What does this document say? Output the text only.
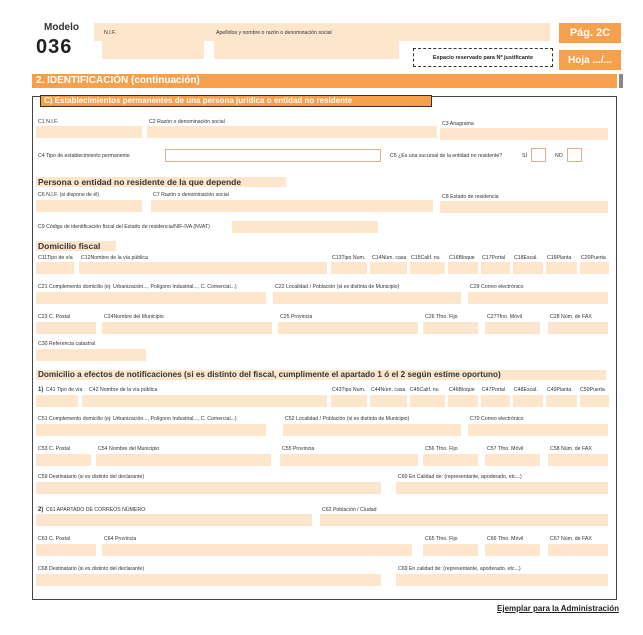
Modelo
036
N.I.F.	Apellidos y nombre o razón o denominación social
Espacio reservado para Nº justificante
Pág. 2C
Hoja .../...
2. IDENTIFICACIÓN (continuación)
C) Establecimientos permanentes de una persona jurídica o entidad no residente
C1 N.I.F.	C2 Razón o denominación social	C3 Anagrama
C4 Tipo de establecimiento permanente	C5 ¿Es una sucursal de la entidad no residente?	SÍ	NO
Persona o entidad no residente de la que depende
C6 N.I.F. (si dispone de él)	C7 Razón o denominación social	C8 Estado de residencia
C9 Código de identificación fiscal del Estado de residencia/NIF-IVA (NVAT)
Domicilio fiscal
C11Tipo de vía C12Nombre de la vía pública	C13Tipo Num. C14Núm. casa C15Calif. nu C16Bloque C17Portal C18Escal. C19Planta C20Puerta
C21 Complemento domicilio (ej: Urbanización..., Polígono Industrial..., C. Comercial...)	C22 Localidad / Población (si es distinta de Municipio)	C29 Correo electrónico
C23 C. Postal	C24Nombre del Municipio	C25 Provincia	C26 Tfno. Fijo	C27Tfno. Móvil	C28 Núm. de FAX
C30 Referencia catastral
Domicilio a efectos de notificaciones (si es distinto del fiscal, cumplimente el apartado 1 ó el 2 según estime oportuno)
1) C41 Tipo de vía C42 Nombre de la vía pública	C43Tipo Num. C44Núm. casa C45Calif. nu C46Bloque C47Portal C48Escal. C49Planta C50Puerta
C51 Complemento domicilio (ej: Urbanización..., Polígono Industrial..., C. Comercial...)	C52 Localidad / Población (si es distinta de Municipio)	C70 Correo electrónico
C53 C. Postal	C54 Nombre del Municipio	C55 Provincia	C56 Tfno. Fijo	C57 Tfno. Móvil	C58 Núm. de FAX
C59 Destinatario (si es distinto del declarante)	C60 En Calidad de: (representante, apoderado, etc...)
2) C61 APARTADO DE CORREOS NÚMERO:	C62 Población / Ciudad
C63 C. Postal	C64 Provincia	C65 Tfno. Fijo	C66 Tfno. Móvil	C67 Núm. de FAX
C68 Destinatario (si es distinto del declarante)	C69 En calidad de: (representante, apoderado, etc...)
Ejemplar para la Administración
